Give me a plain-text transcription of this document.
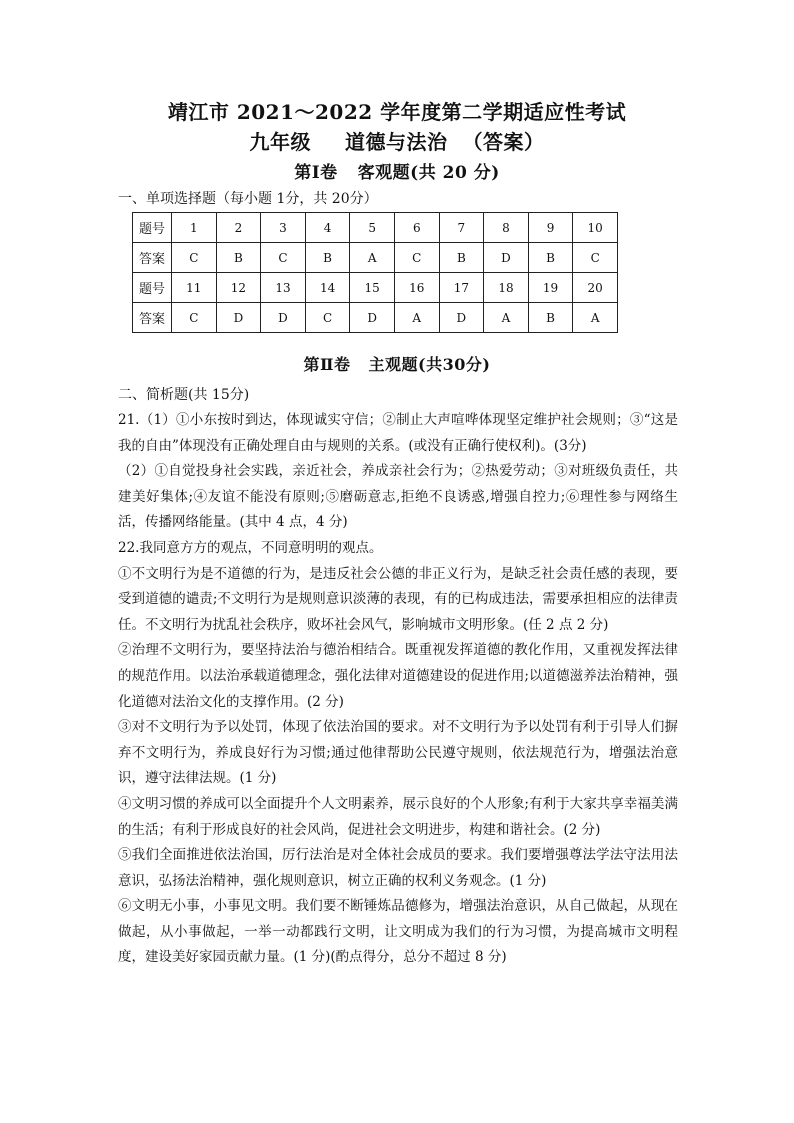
靖江市 2021～2022 学年度第二学期适应性考试
九年级 道德与法治 （答案）
第Ⅰ卷 客观题(共 20 分)
一、单项选择题（每小题 1分，共 20分）
题号	1	2	3	4	5	6	7	8	9	10
答案	C	B	C	B	A	C	B	D	B	C
题号	11	12	13	14	15	16	17	18	19	20
答案	C	D	D	C	D	A	D	A	B	A
第Ⅱ卷 主观题(共30分)
二、简析题(共 15分)
21.（1）①小东按时到达，体现诚实守信；②制止大声喧哗体现坚定维护社会规则；③“这是我的自由”体现没有正确处理自由与规则的关系。(或没有正确行使权利)。(3分)
（2）①自觉投身社会实践，亲近社会，养成亲社会行为；②热爱劳动；③对班级负责任，共建美好集体;④友谊不能没有原则;⑤磨砺意志,拒绝不良诱惑,增强自控力;⑥理性参与网络生活，传播网络能量。(其中 4 点，4 分)
22.我同意方方的观点，不同意明明的观点。
①不文明行为是不道德的行为，是违反社会公德的非正义行为，是缺乏社会责任感的表现，要受到道德的谴责;不文明行为是规则意识淡薄的表现，有的已构成违法，需要承担相应的法律责任。不文明行为扰乱社会秩序，败坏社会风气，影响城市文明形象。(任 2 点 2 分)
②治理不文明行为，要坚持法治与德治相结合。既重视发挥道德的教化作用，又重视发挥法律的规范作用。以法治承载道德理念，强化法律对道德建设的促进作用;以道德滋养法治精神，强化道德对法治文化的支撑作用。(2 分)
③对不文明行为予以处罚，体现了依法治国的要求。对不文明行为予以处罚有利于引导人们摒弃不文明行为，养成良好行为习惯;通过他律帮助公民遵守规则，依法规范行为，增强法治意识，遵守法律法规。(1 分)
④文明习惯的养成可以全面提升个人文明素养，展示良好的个人形象;有利于大家共享幸福美满的生活；有利于形成良好的社会风尚，促进社会文明进步，构建和谐社会。(2 分)
⑤我们全面推进依法治国，厉行法治是对全体社会成员的要求。我们要增强尊法学法守法用法意识，弘扬法治精神，强化规则意识，树立正确的权利义务观念。(1 分)
⑥文明无小事，小事见文明。我们要不断锤炼品德修为，增强法治意识，从自己做起，从现在做起，从小事做起，一举一动都践行文明，让文明成为我们的行为习惯，为提高城市文明程度，建设美好家园贡献力量。(1 分)(酌点得分，总分不超过 8 分)
